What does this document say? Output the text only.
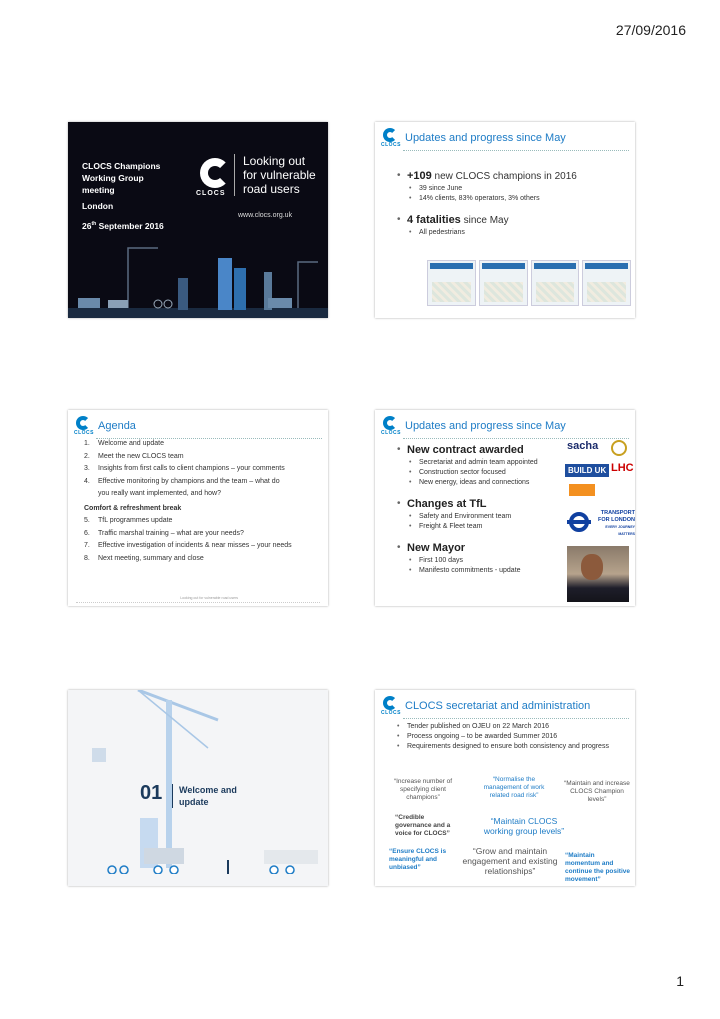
27/09/2016
CLOCS Champions Working Group meeting
London
26th September 2016
CLOCS
Looking out
for vulnerable
road users
www.clocs.org.uk
CLOCS
Updates and progress since May
• +109 new CLOCS champions in 2016
• 39 since June
• 14% clients, 83% operators, 3% others
• 4 fatalities since May
• All pedestrians
CLOCS
Agenda
1. Welcome and update
2. Meet the new CLOCS team
3. Insights from first calls to client champions – your comments
4. Effective monitoring by champions and the team – what do
you really want implemented, and how?
Comfort & refreshment break
5. TfL programmes update
6. Traffic marshal training – what are your needs?
7. Effective investigation of incidents & near misses – your needs
8. Next meeting, summary and close
Looking out for vulnerable road users
CLOCS
Updates and progress since May
• New contract awarded
• Secretariat and admin team appointed
• Construction sector focused
• New energy, ideas and connections
• Changes at TfL
• Safety and Environment team
• Freight & Fleet team
• New Mayor
• First 100 days
• Manifesto commitments - update
sacha
BUILD UK LHC
TRANSPORT
FOR LONDON
EVERY JOURNEY MATTERS
01 Welcome and
update
CLOCS
CLOCS secretariat and administration
• Tender published on OJEU on 22 March 2016
• Process ongoing – to be awarded Summer 2016
• Requirements designed to ensure both consistency and progress
“Increase number of specifying client champions”
“Normalise the management of work related road risk”
“Maintain and increase CLOCS Champion levels”
“Credible governance and a voice for CLOCS”
“Maintain CLOCS working group levels”
“Ensure CLOCS is meaningful and unbiased”
“Grow and maintain engagement and existing relationships”
“Maintain momentum and continue the positive movement”
1
